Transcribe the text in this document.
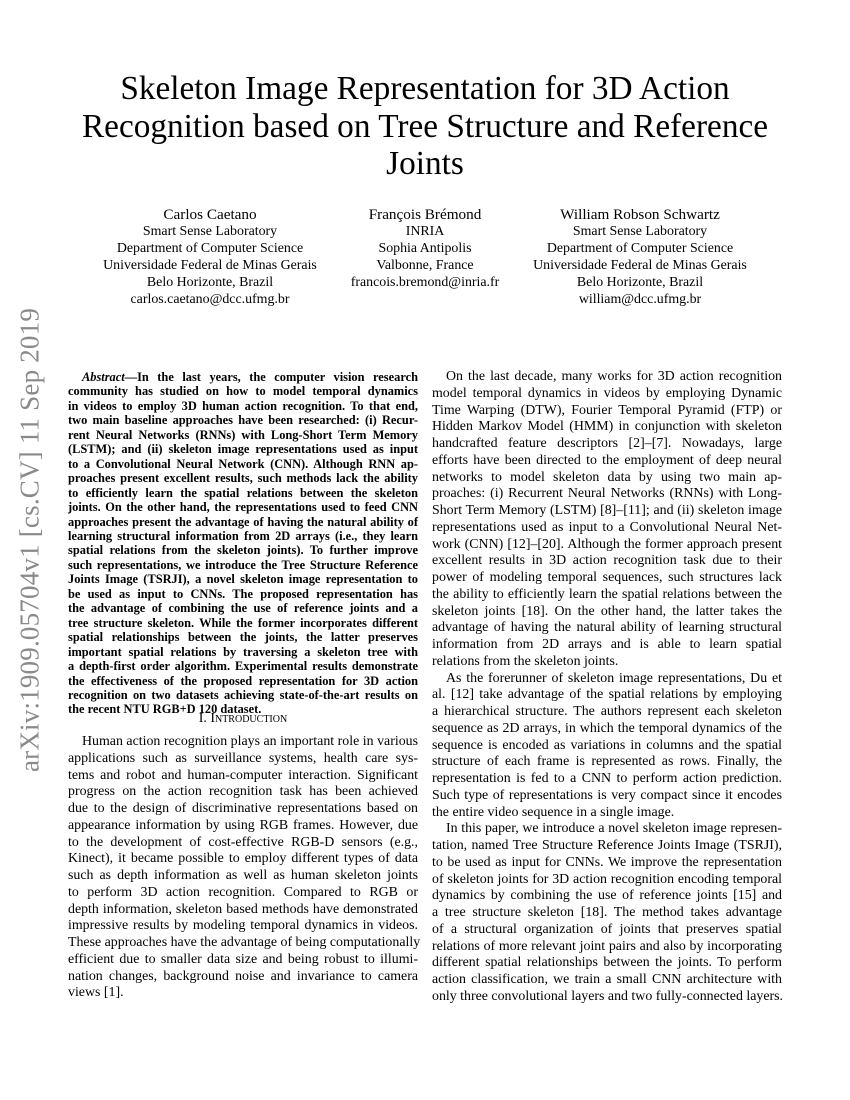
arXiv:1909.05704v1 [cs.CV] 11 Sep 2019
Skeleton Image Representation for 3D Action
Recognition based on Tree Structure and Reference
Joints
Carlos Caetano
Smart Sense Laboratory
Department of Computer Science
Universidade Federal de Minas Gerais
Belo Horizonte, Brazil
carlos.caetano@dcc.ufmg.br
François Brémond
INRIA
Sophia Antipolis
Valbonne, France
francois.bremond@inria.fr
William Robson Schwartz
Smart Sense Laboratory
Department of Computer Science
Universidade Federal de Minas Gerais
Belo Horizonte, Brazil
william@dcc.ufmg.br
Abstract—In the last years, the computer vision research
community has studied on how to model temporal dynamics
in videos to employ 3D human action recognition. To that end,
two main baseline approaches have been researched: (i) Recur-
rent Neural Networks (RNNs) with Long-Short Term Memory
(LSTM); and (ii) skeleton image representations used as input
to a Convolutional Neural Network (CNN). Although RNN ap-
proaches present excellent results, such methods lack the ability
to efficiently learn the spatial relations between the skeleton
joints. On the other hand, the representations used to feed CNN
approaches present the advantage of having the natural ability of
learning structural information from 2D arrays (i.e., they learn
spatial relations from the skeleton joints). To further improve
such representations, we introduce the Tree Structure Reference
Joints Image (TSRJI), a novel skeleton image representation to
be used as input to CNNs. The proposed representation has
the advantage of combining the use of reference joints and a
tree structure skeleton. While the former incorporates different
spatial relationships between the joints, the latter preserves
important spatial relations by traversing a skeleton tree with
a depth-first order algorithm. Experimental results demonstrate
the effectiveness of the proposed representation for 3D action
recognition on two datasets achieving state-of-the-art results on
the recent NTU RGB+D 120 dataset.
I. Introduction
Human action recognition plays an important role in various
applications such as surveillance systems, health care sys-
tems and robot and human-computer interaction. Significant
progress on the action recognition task has been achieved
due to the design of discriminative representations based on
appearance information by using RGB frames. However, due
to the development of cost-effective RGB-D sensors (e.g.,
Kinect), it became possible to employ different types of data
such as depth information as well as human skeleton joints
to perform 3D action recognition. Compared to RGB or
depth information, skeleton based methods have demonstrated
impressive results by modeling temporal dynamics in videos.
These approaches have the advantage of being computationally
efficient due to smaller data size and being robust to illumi-
nation changes, background noise and invariance to camera
views [1].
On the last decade, many works for 3D action recognition
model temporal dynamics in videos by employing Dynamic
Time Warping (DTW), Fourier Temporal Pyramid (FTP) or
Hidden Markov Model (HMM) in conjunction with skeleton
handcrafted feature descriptors [2]–[7]. Nowadays, large
efforts have been directed to the employment of deep neural
networks to model skeleton data by using two main ap-
proaches: (i) Recurrent Neural Networks (RNNs) with Long-
Short Term Memory (LSTM) [8]–[11]; and (ii) skeleton image
representations used as input to a Convolutional Neural Net-
work (CNN) [12]–[20]. Although the former approach present
excellent results in 3D action recognition task due to their
power of modeling temporal sequences, such structures lack
the ability to efficiently learn the spatial relations between the
skeleton joints [18]. On the other hand, the latter takes the
advantage of having the natural ability of learning structural
information from 2D arrays and is able to learn spatial
relations from the skeleton joints.
As the forerunner of skeleton image representations, Du et
al. [12] take advantage of the spatial relations by employing
a hierarchical structure. The authors represent each skeleton
sequence as 2D arrays, in which the temporal dynamics of the
sequence is encoded as variations in columns and the spatial
structure of each frame is represented as rows. Finally, the
representation is fed to a CNN to perform action prediction.
Such type of representations is very compact since it encodes
the entire video sequence in a single image.
In this paper, we introduce a novel skeleton image represen-
tation, named Tree Structure Reference Joints Image (TSRJI),
to be used as input for CNNs. We improve the representation
of skeleton joints for 3D action recognition encoding temporal
dynamics by combining the use of reference joints [15] and
a tree structure skeleton [18]. The method takes advantage
of a structural organization of joints that preserves spatial
relations of more relevant joint pairs and also by incorporating
different spatial relationships between the joints. To perform
action classification, we train a small CNN architecture with
only three convolutional layers and two fully-connected layers.
